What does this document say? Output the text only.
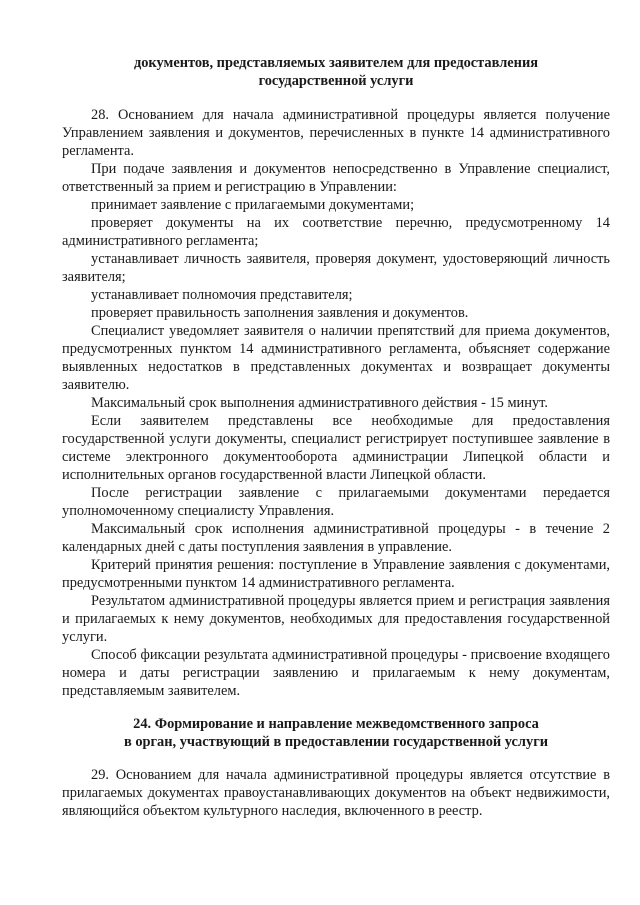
документов, представляемых заявителем для предоставления
государственной услуги

28. Основанием для начала административной процедуры является получение Управлением заявления и документов, перечисленных в пункте 14 административного регламента.

При подаче заявления и документов непосредственно в Управление специалист, ответственный за прием и регистрацию в Управлении:

принимает заявление с прилагаемыми документами;

проверяет документы на их соответствие перечню, предусмотренному 14 административного регламента;

устанавливает личность заявителя, проверяя документ, удостоверяющий личность заявителя;

устанавливает полномочия представителя;

проверяет правильность заполнения заявления и документов.

Специалист уведомляет заявителя о наличии препятствий для приема документов, предусмотренных пунктом 14 административного регламента, объясняет содержание выявленных недостатков в представленных документах и возвращает документы заявителю.

Максимальный срок выполнения административного действия - 15 минут.

Если заявителем представлены все необходимые для предоставления государственной услуги документы, специалист регистрирует поступившее заявление в системе электронного документооборота администрации Липецкой области и исполнительных органов государственной власти Липецкой области.

После регистрации заявление с прилагаемыми документами передается уполномоченному специалисту Управления.

Максимальный срок исполнения административной процедуры - в течение 2 календарных дней с даты поступления заявления в управление.

Критерий принятия решения: поступление в Управление заявления с документами, предусмотренными пунктом 14 административного регламента.

Результатом административной процедуры является прием и регистрация заявления и прилагаемых к нему документов, необходимых для предоставления государственной услуги.

Способ фиксации результата административной процедуры - присвоение входящего номера и даты регистрации заявлению и прилагаемым к нему документам, представляемым заявителем.

24. Формирование и направление межведомственного запроса
в орган, участвующий в предоставлении государственной услуги

29. Основанием для начала административной процедуры является отсутствие в прилагаемых документах правоустанавливающих документов на объект недвижимости, являющийся объектом культурного наследия, включенного в реестр.
